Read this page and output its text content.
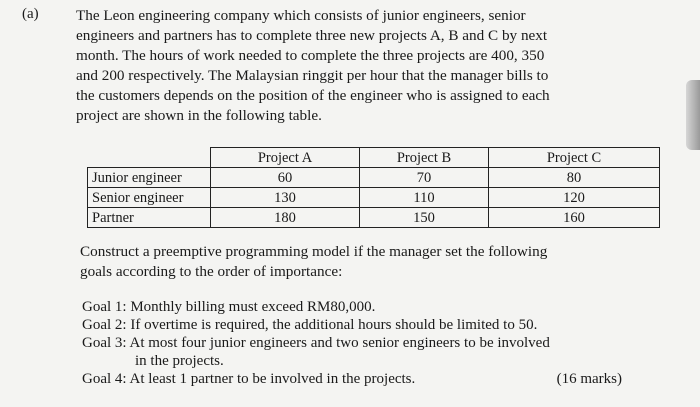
(a) The Leon engineering company which consists of junior engineers, senior

engineers and partners has to complete three new projects A, B and C by next

month. The hours of work needed to complete the three projects are 400, 350

and 200 respectively. The Malaysian ringgit per hour that the manager bills to

the customers depends on the position of the engineer who is assigned to each

project are shown in the following table.

	Project A	Project B	Project C
Junior engineer	60	70	80
Senior engineer	130	110	120
Partner	180	150	160

Construct a preemptive programming model if the manager set the following

goals according to the order of importance:

Goal 1: Monthly billing must exceed RM80,000.
Goal 2: If overtime is required, the additional hours should be limited to 50.
Goal 3: At most four junior engineers and two senior engineers to be involved
in the projects.
Goal 4: At least 1 partner to be involved in the projects.	(16 marks)
